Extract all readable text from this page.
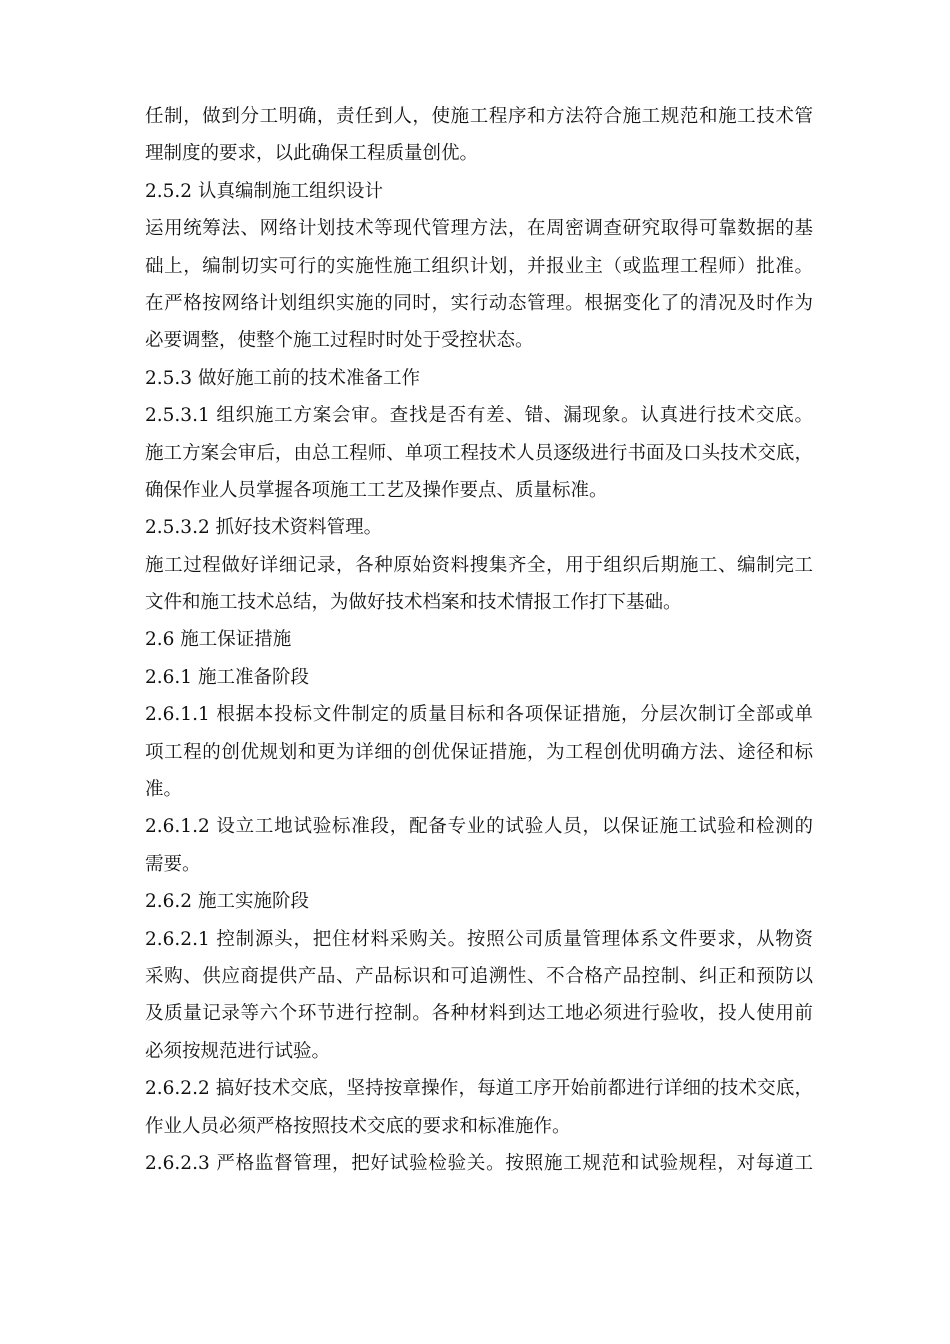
任制，做到分工明确，责任到人，使施工程序和方法符合施工规范和施工技术管
理制度的要求，以此确保工程质量创优。
2.5.2 认真编制施工组织设计
运用统筹法、网络计划技术等现代管理方法，在周密调查研究取得可靠数据的基
础上，编制切实可行的实施性施工组织计划，并报业主（或监理工程师）批准。
在严格按网络计划组织实施的同时，实行动态管理。根据变化了的清况及时作为
必要调整，使整个施工过程时时处于受控状态。
2.5.3 做好施工前的技术准备工作
2.5.3.1 组织施工方案会审。查找是否有差、错、漏现象。认真进行技术交底。
施工方案会审后，由总工程师、单项工程技术人员逐级进行书面及口头技术交底，
确保作业人员掌握各项施工工艺及操作要点、质量标准。
2.5.3.2 抓好技术资料管理。
施工过程做好详细记录，各种原始资料搜集齐全，用于组织后期施工、编制完工
文件和施工技术总结，为做好技术档案和技术情报工作打下基础。
2.6 施工保证措施
2.6.1 施工准备阶段
2.6.1.1 根据本投标文件制定的质量目标和各项保证措施，分层次制订全部或单
项工程的创优规划和更为详细的创优保证措施，为工程创优明确方法、途径和标
准。
2.6.1.2 设立工地试验标准段，配备专业的试验人员，以保证施工试验和检测的
需要。
2.6.2 施工实施阶段
2.6.2.1 控制源头，把住材料采购关。按照公司质量管理体系文件要求，从物资
采购、供应商提供产品、产品标识和可追溯性、不合格产品控制、纠正和预防以
及质量记录等六个环节进行控制。各种材料到达工地必须进行验收，投人使用前
必须按规范进行试验。
2.6.2.2 搞好技术交底，坚持按章操作，每道工序开始前都进行详细的技术交底，
作业人员必须严格按照技术交底的要求和标准施作。
2.6.2.3 严格监督管理，把好试验检验关。按照施工规范和试验规程，对每道工
